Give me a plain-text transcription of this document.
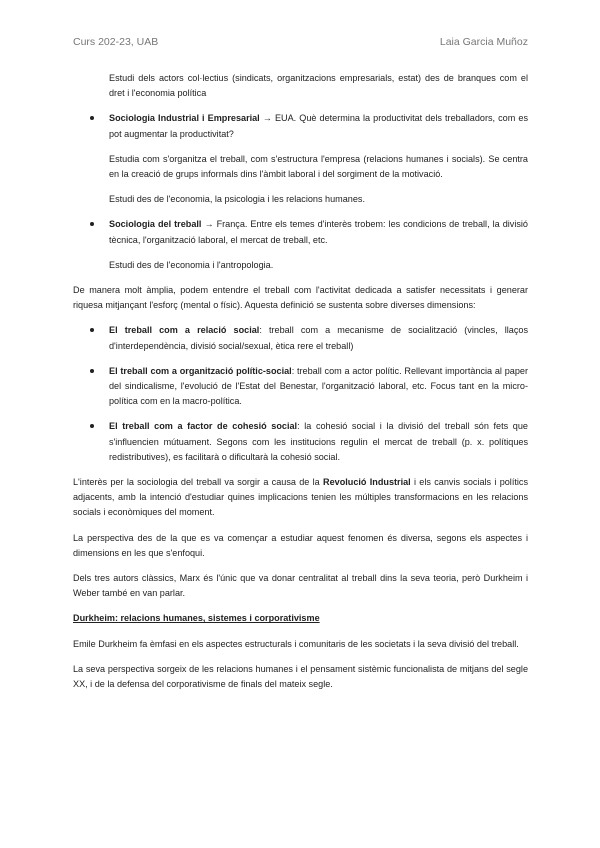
Curs 202-23, UAB	Laia Garcia Muñoz

Estudi dels actors col·lectius (sindicats, organitzacions empresarials, estat) des de branques com el dret i l'economia política

Sociologia Industrial i Empresarial → EUA. Què determina la productivitat dels treballadors, com es pot augmentar la productivitat?

Estudia com s'organitza el treball, com s'estructura l'empresa (relacions humanes i socials). Se centra en la creació de grups informals dins l'àmbit laboral i del sorgiment de la motivació.

Estudi des de l'economia, la psicologia i les relacions humanes.

Sociologia del treball → França. Entre els temes d'interès trobem: les condicions de treball, la divisió tècnica, l'organització laboral, el mercat de treball, etc.

Estudi des de l'economia i l'antropologia.

De manera molt àmplia, podem entendre el treball com l'activitat dedicada a satisfer necessitats i generar riquesa mitjançant l'esforç (mental o físic). Aquesta definició se sustenta sobre diverses dimensions:

El treball com a relació social: treball com a mecanisme de socialització (vincles, llaços d'interdependència, divisió social/sexual, ètica rere el treball)
El treball com a organització polític-social: treball com a actor polític. Rellevant importància al paper del sindicalisme, l'evolució de l'Estat del Benestar, l'organització laboral, etc. Focus tant en la micro-política com en la macro-política.
El treball com a factor de cohesió social: la cohesió social i la divisió del treball són fets que s'influencien mútuament. Segons com les institucions regulin el mercat de treball (p. x. polítiques redistributives), es facilitarà o dificultarà la cohesió social.

L'interès per la sociologia del treball va sorgir a causa de la Revolució Industrial i els canvis socials i polítics adjacents, amb la intenció d'estudiar quines implicacions tenien les múltiples transformacions en les relacions socials i econòmiques del moment.

La perspectiva des de la que es va començar a estudiar aquest fenomen és diversa, segons els aspectes i dimensions en les que s'enfoqui.

Dels tres autors clàssics, Marx és l'únic que va donar centralitat al treball dins la seva teoria, però Durkheim i Weber també en van parlar.

Durkheim: relacions humanes, sistemes i corporativisme

Emile Durkheim fa èmfasi en els aspectes estructurals i comunitaris de les societats i la seva divisió del treball.

La seva perspectiva sorgeix de les relacions humanes i el pensament sistèmic funcionalista de mitjans del segle XX, i de la defensa del corporativisme de finals del mateix segle.
